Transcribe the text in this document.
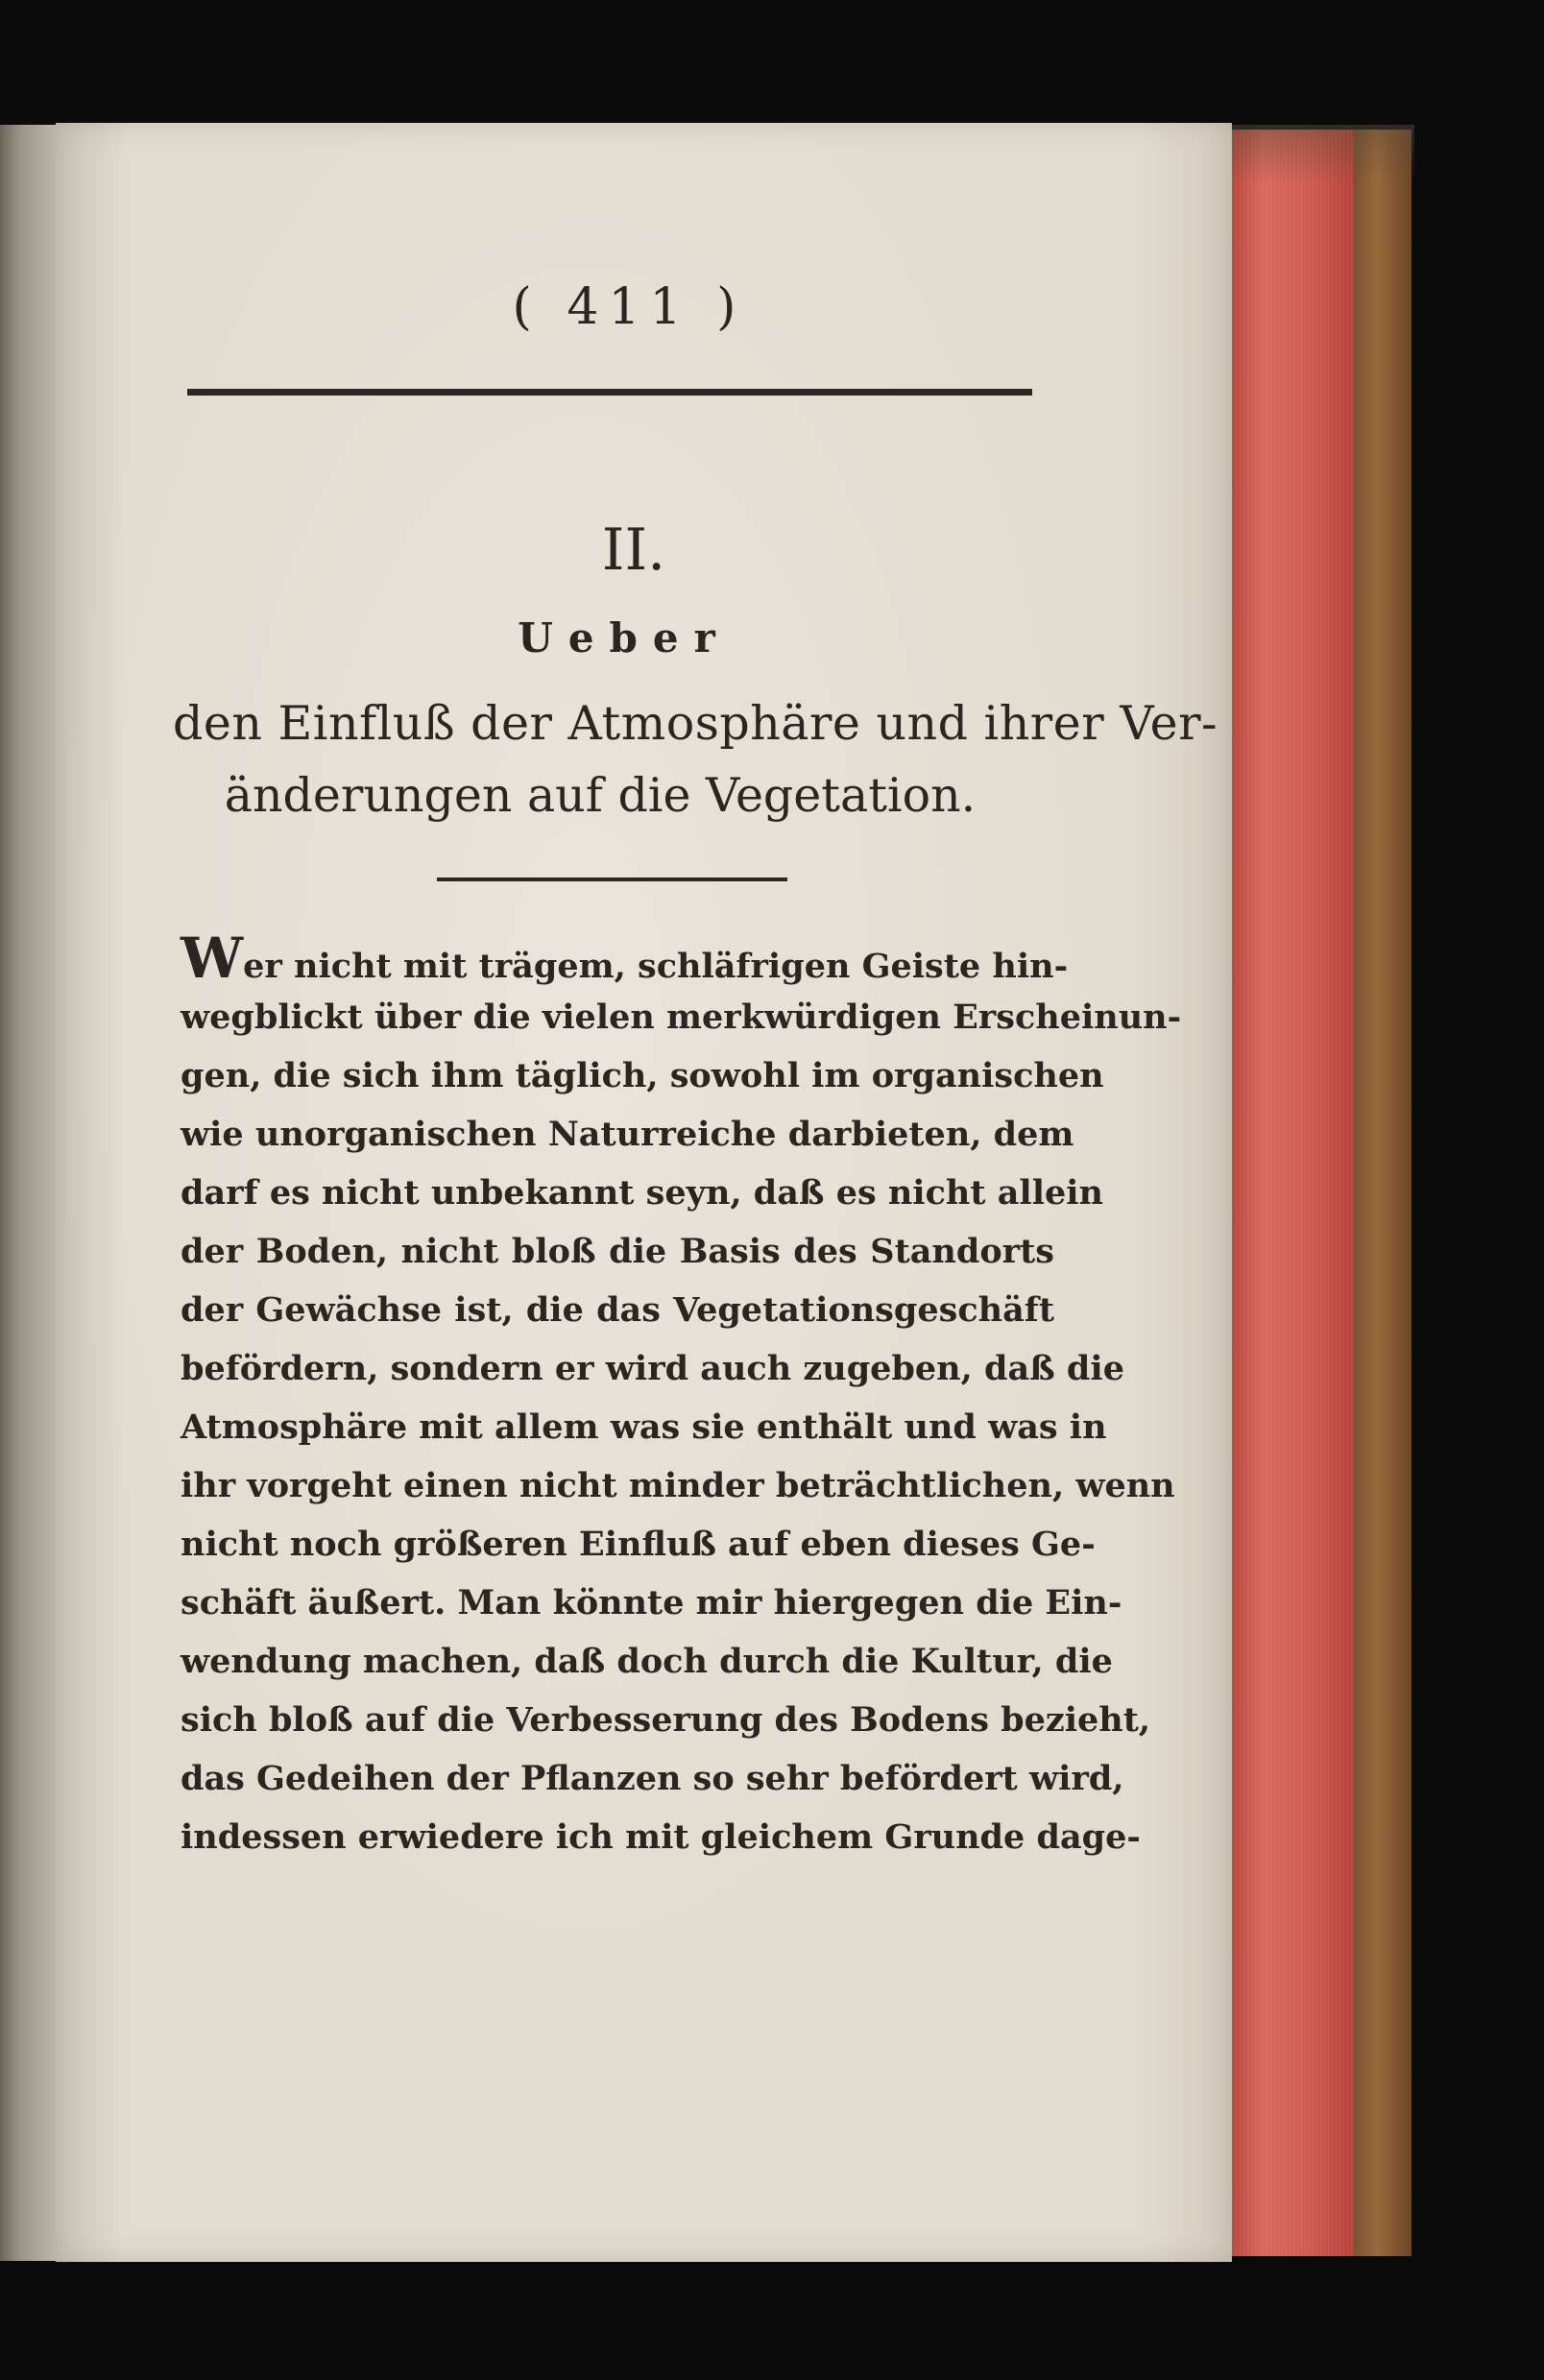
( 411 )
II.
Ueber
den Einfluß der Atmosphäre und ihrer Ver-
änderungen auf die Vegetation.
Wer nicht mit trägem, schläfrigen Geiste hin-
wegblickt über die vielen merkwürdigen Erscheinun-
gen, die sich ihm täglich, sowohl im organischen
wie unorganischen Naturreiche darbieten, dem
darf es nicht unbekannt seyn, daß es nicht allein
der Boden, nicht bloß die Basis des Standorts
der Gewächse ist, die das Vegetationsgeschäft
befördern, sondern er wird auch zugeben, daß die
Atmosphäre mit allem was sie enthält und was in
ihr vorgeht einen nicht minder beträchtlichen, wenn
nicht noch größeren Einfluß auf eben dieses Ge-
schäft äußert. Man könnte mir hiergegen die Ein-
wendung machen, daß doch durch die Kultur, die
sich bloß auf die Verbesserung des Bodens bezieht,
das Gedeihen der Pflanzen so sehr befördert wird,
indessen erwiedere ich mit gleichem Grunde dage-
